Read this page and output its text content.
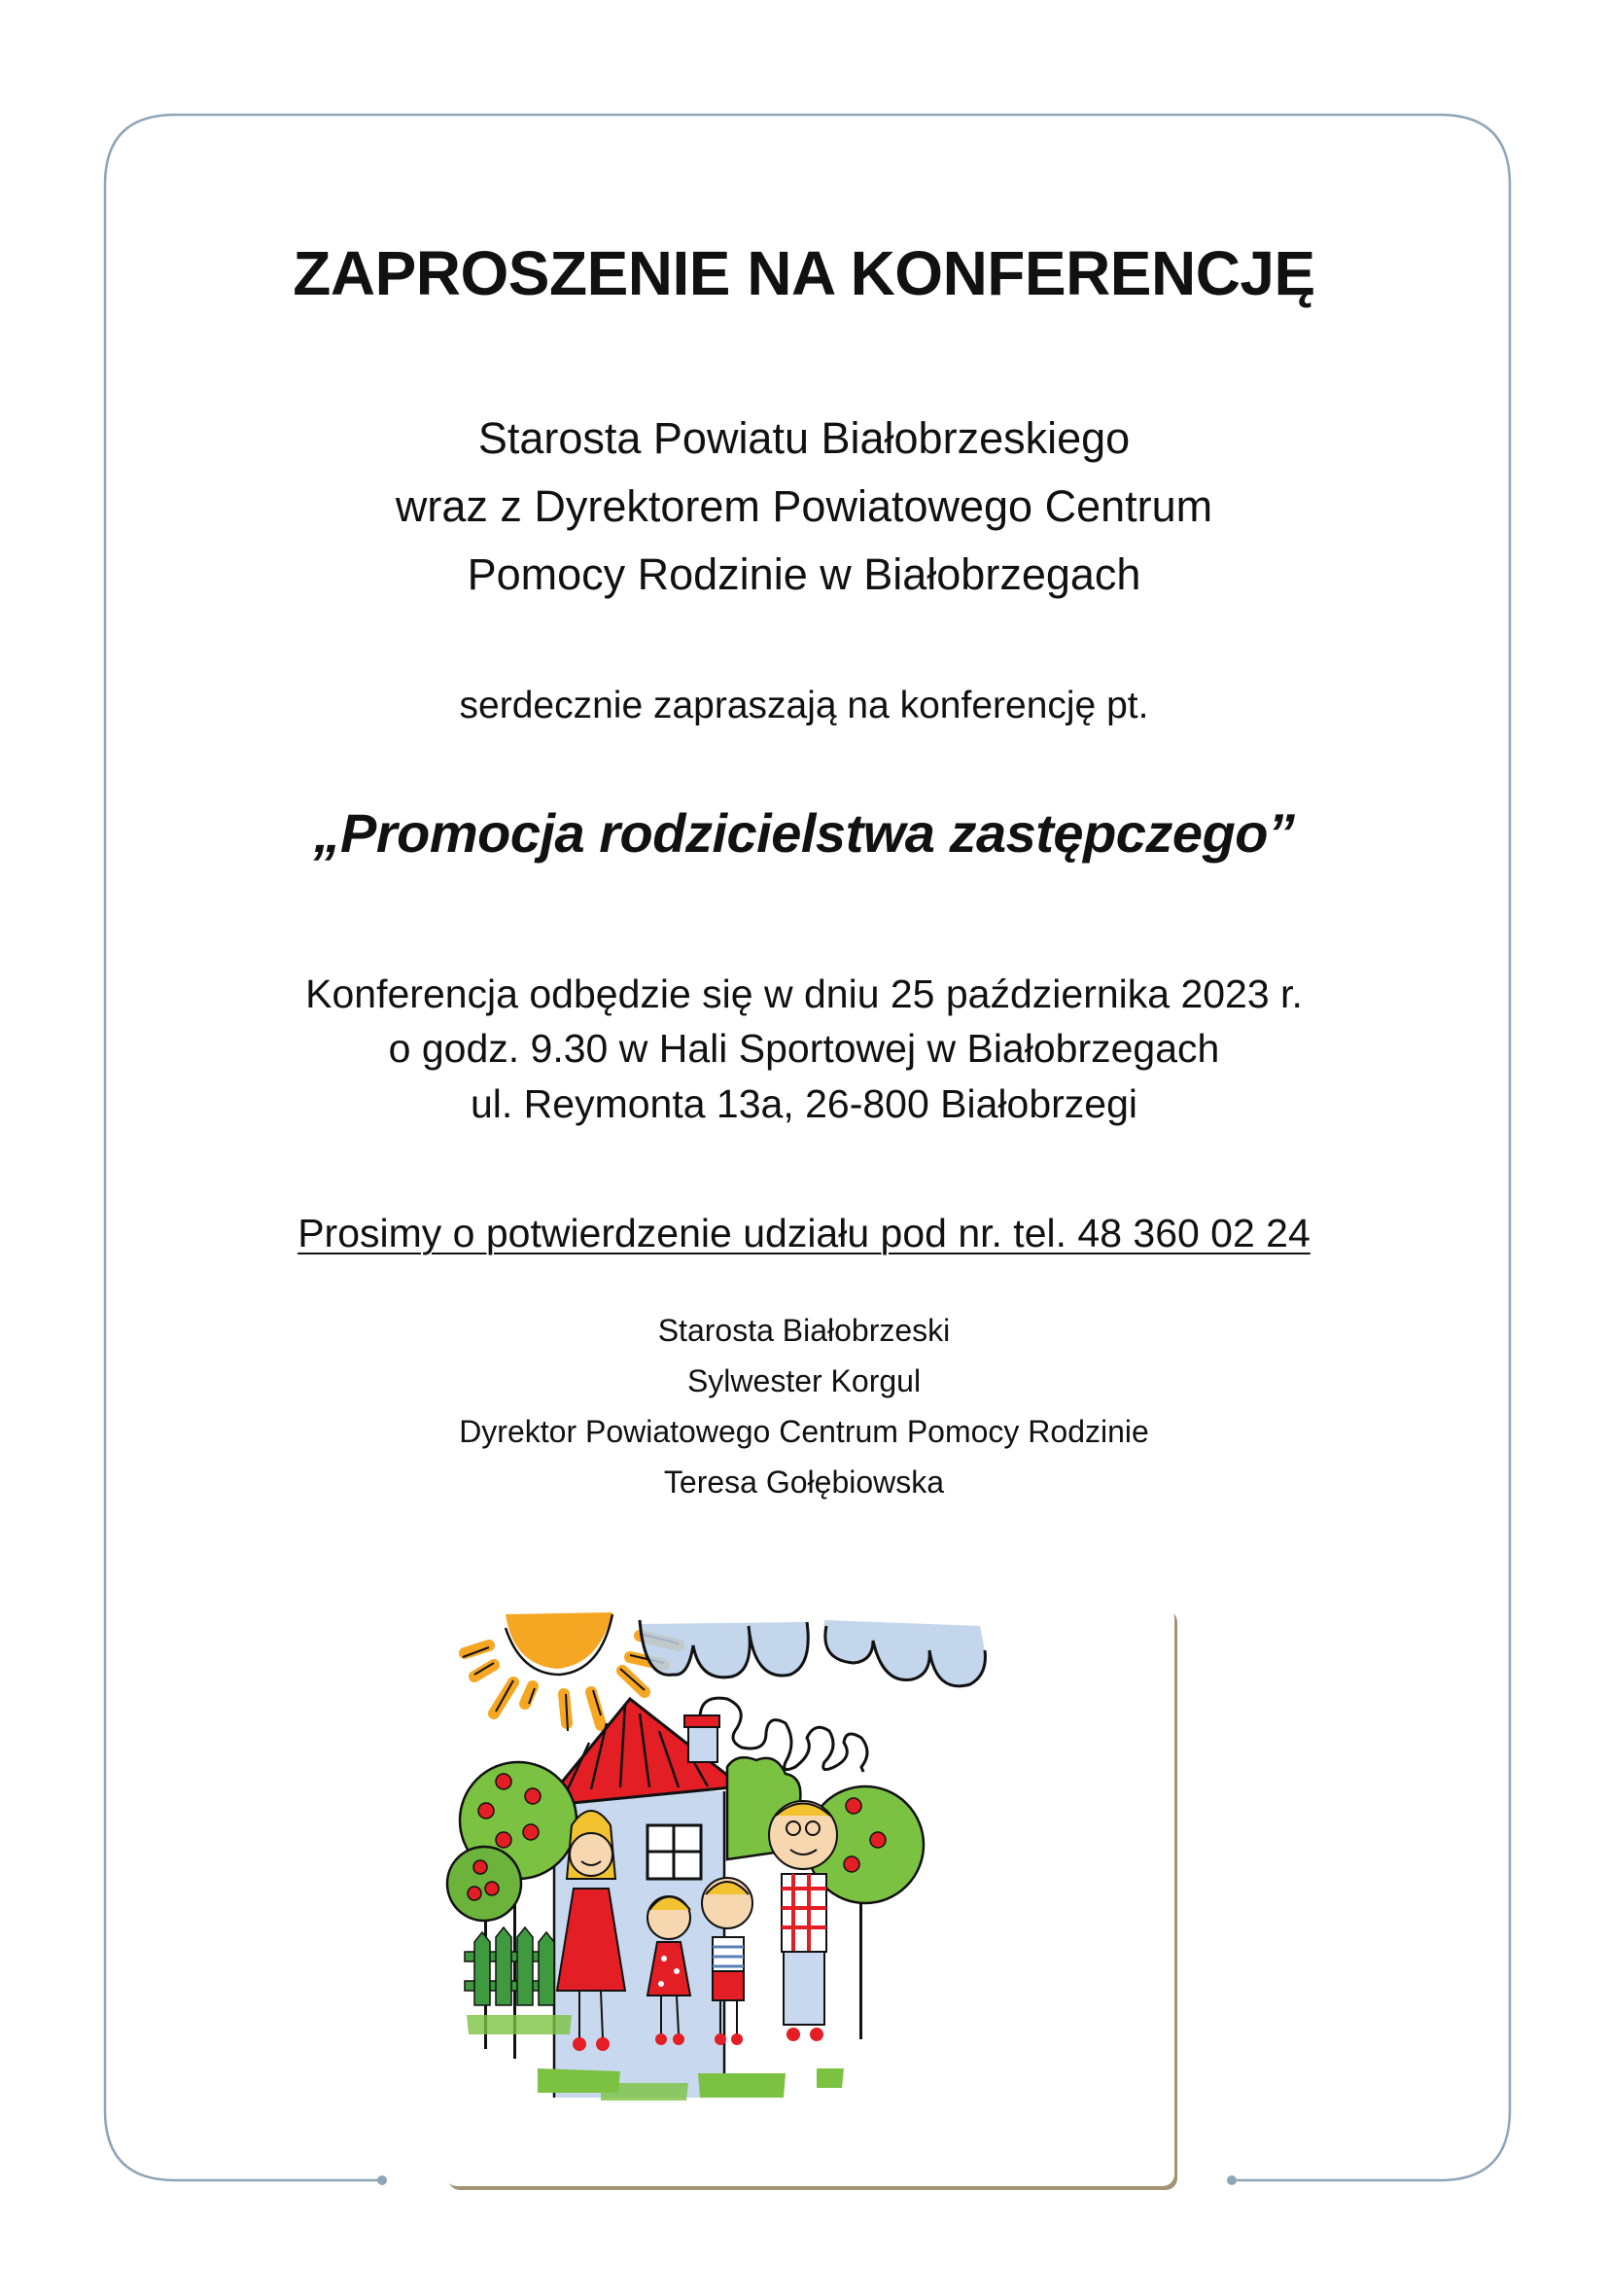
ZAPROSZENIE NA KONFERENCJĘ
Starosta Powiatu Białobrzeskiego
wraz z Dyrektorem Powiatowego Centrum
Pomocy Rodzinie w Białobrzegach
serdecznie zapraszają na konferencję pt.
„Promocja rodzicielstwa zastępczego”
Konferencja odbędzie się w dniu 25 października 2023 r.
o godz. 9.30 w Hali Sportowej w Białobrzegach
ul. Reymonta 13a, 26-800 Białobrzegi
Prosimy o potwierdzenie udziału pod nr. tel. 48 360 02 24
Starosta Białobrzeski
Sylwester Korgul
Dyrektor Powiatowego Centrum Pomocy Rodzinie
Teresa Gołębiowska
